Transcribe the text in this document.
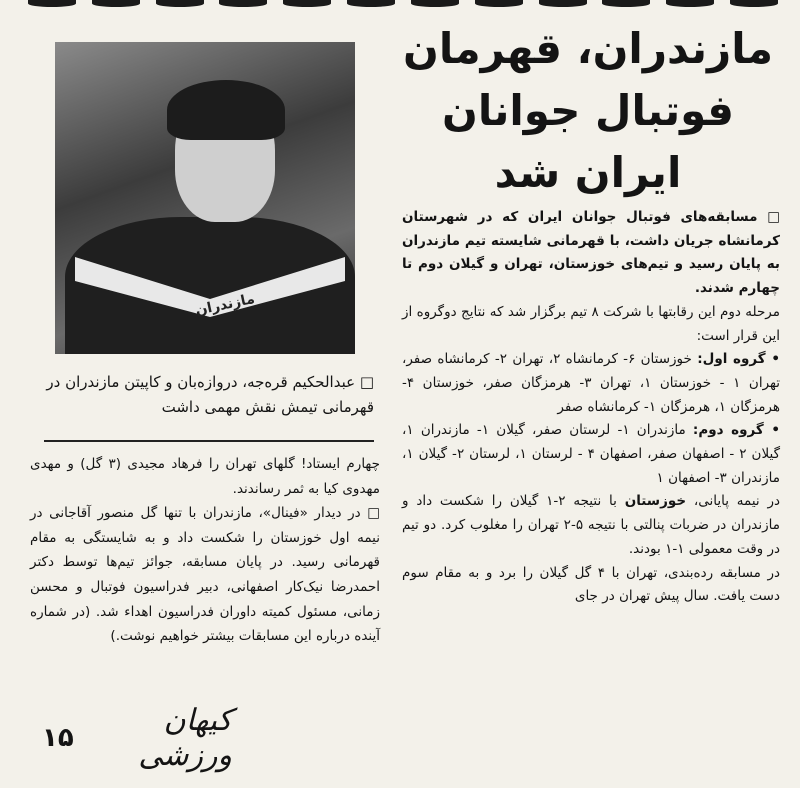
مازندران، قهرمان
فوتبال جوانان
ایران شد
مازندران
□ عبدالحکیم قره‌جه، دروازه‌بان و کاپیتن مازندران در قهرمانی تیمش نقش مهمی داشت

□ مسابقه‌های فوتبال جوانان ایران که در شهرستان کرمانشاه جریان داشت، با قهرمانی شایسته تیم مازندران به پایان رسید و تیم‌های خوزستان، تهران و گیلان دوم تا چهارم شدند.

مرحله دوم این رقابتها با شرکت ۸ تیم برگزار شد که نتایج دوگروه از این قرار است:

• گروه اول: خوزستان ۶- کرمانشاه ۲، تهران ۲- کرمانشاه صفر، تهران ۱ - خوزستان ۱، تهران ۳- هرمزگان صفر، خوزستان ۴- هرمزگان ۱، هرمزگان ۱- کرمانشاه صفر

• گروه دوم: مازندران ۱- لرستان صفر، گیلان ۱- مازندران ۱، گیلان ۲ - اصفهان صفر، اصفهان ۴ - لرستان ۱، لرستان ۲- گیلان ۱، مازندران ۳- اصفهان ۱

در نیمه پایانی، خوزستان با نتیجه ۲-۱ گیلان را شکست داد و مازندران در ضربات پنالتی با نتیجه ۵-۲ تهران را مغلوب کرد. دو تیم در وقت معمولی ۱-۱ بودند.

در مسابقه رده‌بندی، تهران با ۴ گل گیلان را برد و به مقام سوم دست یافت. سال پیش تهران در جای

چهارم ایستاد! گلهای تهران را فرهاد مجیدی (۳ گل) و مهدی مهدوی کیا به ثمر رساندند.

□ در دیدار «فینال»، مازندران با تنها گل منصور آقاجانی در نیمه اول خوزستان را شکست داد و به شایستگی به مقام قهرمانی رسید. در پایان مسابقه، جوائز تیم‌ها توسط دکتر احمدرضا نیک‌کار اصفهانی، دبیر فدراسیون فوتبال و محسن زمانی، مسئول کمیته داوران فدراسیون اهداء شد. (در شماره آینده درباره این مسابقات بیشتر خواهیم نوشت.)

کیهان ورزشی
۱۵
